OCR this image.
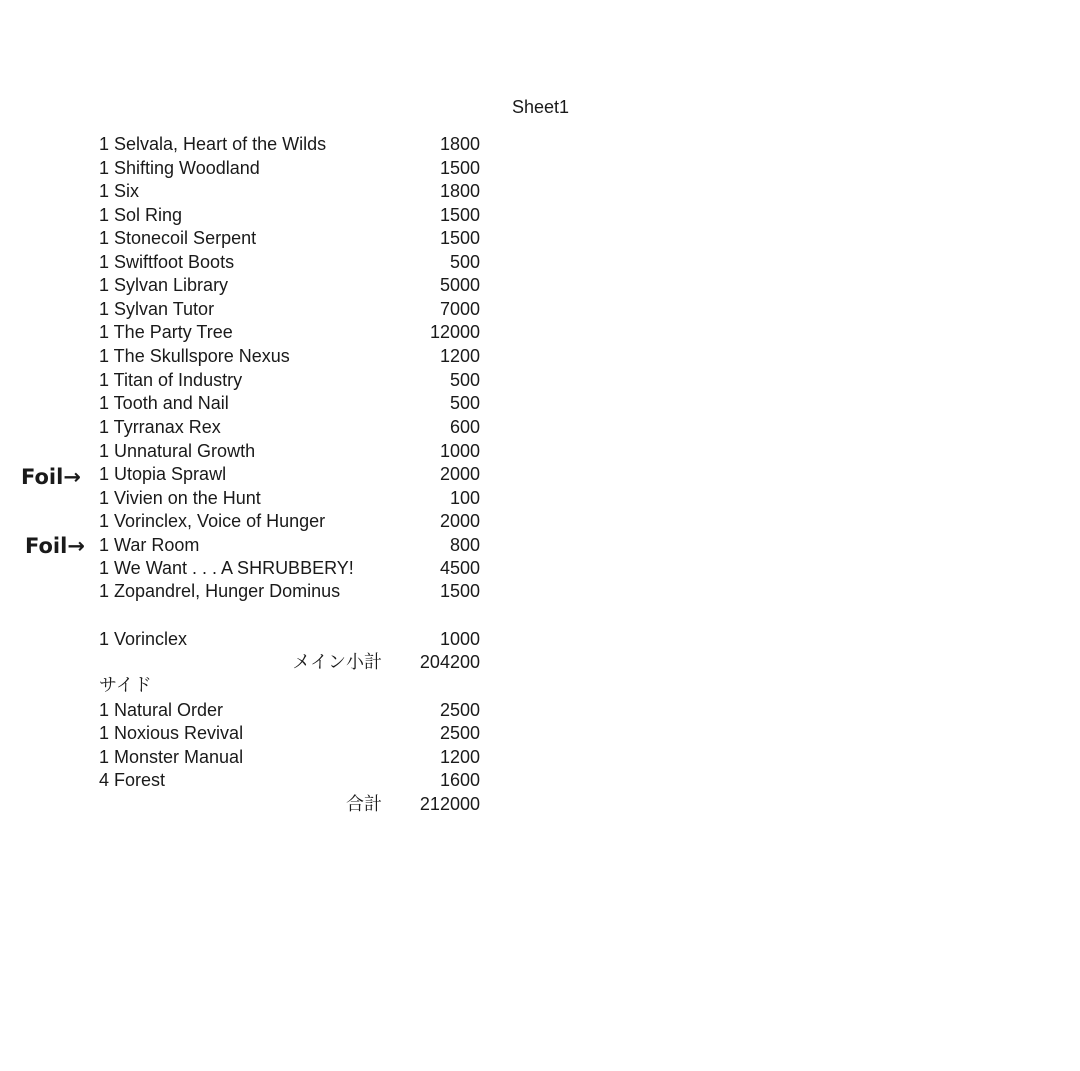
Sheet1
1 Selvala, Heart of the Wilds	1800
1 Shifting Woodland	1500
1 Six	1800
1 Sol Ring	1500
1 Stonecoil Serpent	1500
1 Swiftfoot Boots	500
1 Sylvan Library	5000
1 Sylvan Tutor	7000
1 The Party Tree	12000
1 The Skullspore Nexus	1200
1 Titan of Industry	500
1 Tooth and Nail	500
1 Tyrranax Rex	600
1 Unnatural Growth	1000
1 Utopia Sprawl	2000
1 Vivien on the Hunt	100
1 Vorinclex, Voice of Hunger	2000
1 War Room	800
1 We Want . . . A SHRUBBERY!	4500
1 Zopandrel, Hunger Dominus	1500
1 Vorinclex	1000
メイン小計 204200
サイド
1 Natural Order	2500
1 Noxious Revival	2500
1 Monster Manual	1200
4 Forest	1600
合計 212000
Foil→
Foil→
